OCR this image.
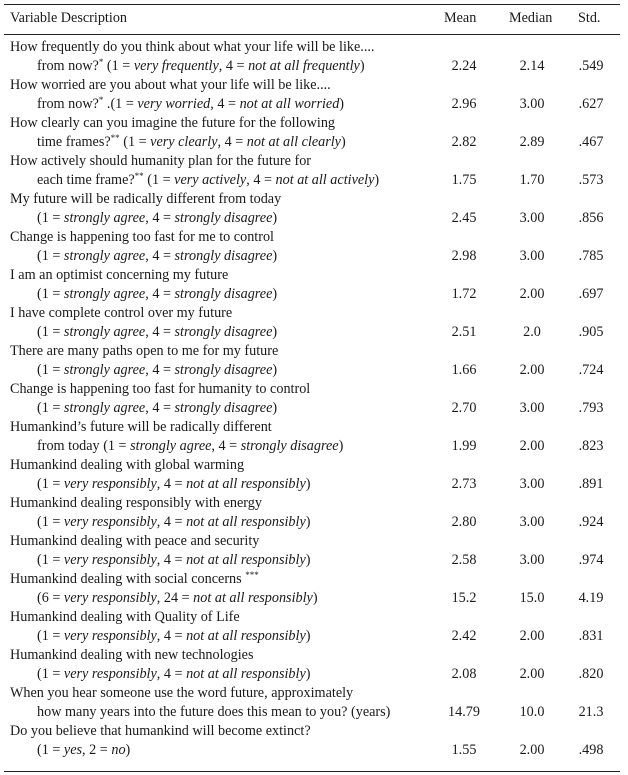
Variable Description	Mean Median Std.
How frequently do you think about what your life will be like....
from now?* (1 = very frequently, 4 = not at all frequently)	2.24	2.14	.549
How worried are you about what your life will be like....
from now?* .(1 = very worried, 4 = not at all worried)	2.96	3.00	.627
How clearly can you imagine the future for the following
time frames?** (1 = very clearly, 4 = not at all clearly)	2.82	2.89	.467
How actively should humanity plan for the future for
each time frame?** (1 = very actively, 4 = not at all actively)	1.75	1.70	.573
My future will be radically different from today
(1 = strongly agree, 4 = strongly disagree)	2.45	3.00	.856
Change is happening too fast for me to control
(1 = strongly agree, 4 = strongly disagree)	2.98	3.00	.785
I am an optimist concerning my future
(1 = strongly agree, 4 = strongly disagree)	1.72	2.00	.697
I have complete control over my future
(1 = strongly agree, 4 = strongly disagree)	2.51	2.0	.905
There are many paths open to me for my future
(1 = strongly agree, 4 = strongly disagree)	1.66	2.00	.724
Change is happening too fast for humanity to control
(1 = strongly agree, 4 = strongly disagree)	2.70	3.00	.793
Humankind’s future will be radically different
from today (1 = strongly agree, 4 = strongly disagree)	1.99	2.00	.823
Humankind dealing with global warming
(1 = very responsibly, 4 = not at all responsibly)	2.73	3.00	.891
Humankind dealing responsibly with energy
(1 = very responsibly, 4 = not at all responsibly)	2.80	3.00	.924
Humankind dealing with peace and security
(1 = very responsibly, 4 = not at all responsibly)	2.58	3.00	.974
Humankind dealing with social concerns ***
(6 = very responsibly, 24 = not at all responsibly)	15.2	15.0	4.19
Humankind dealing with Quality of Life
(1 = very responsibly, 4 = not at all responsibly)	2.42	2.00	.831
Humankind dealing with new technologies
(1 = very responsibly, 4 = not at all responsibly)	2.08	2.00	.820
When you hear someone use the word future, approximately
how many years into the future does this mean to you? (years)	14.79	10.0	21.3
Do you believe that humankind will become extinct?
(1 = yes, 2 = no)	1.55	2.00	.498
